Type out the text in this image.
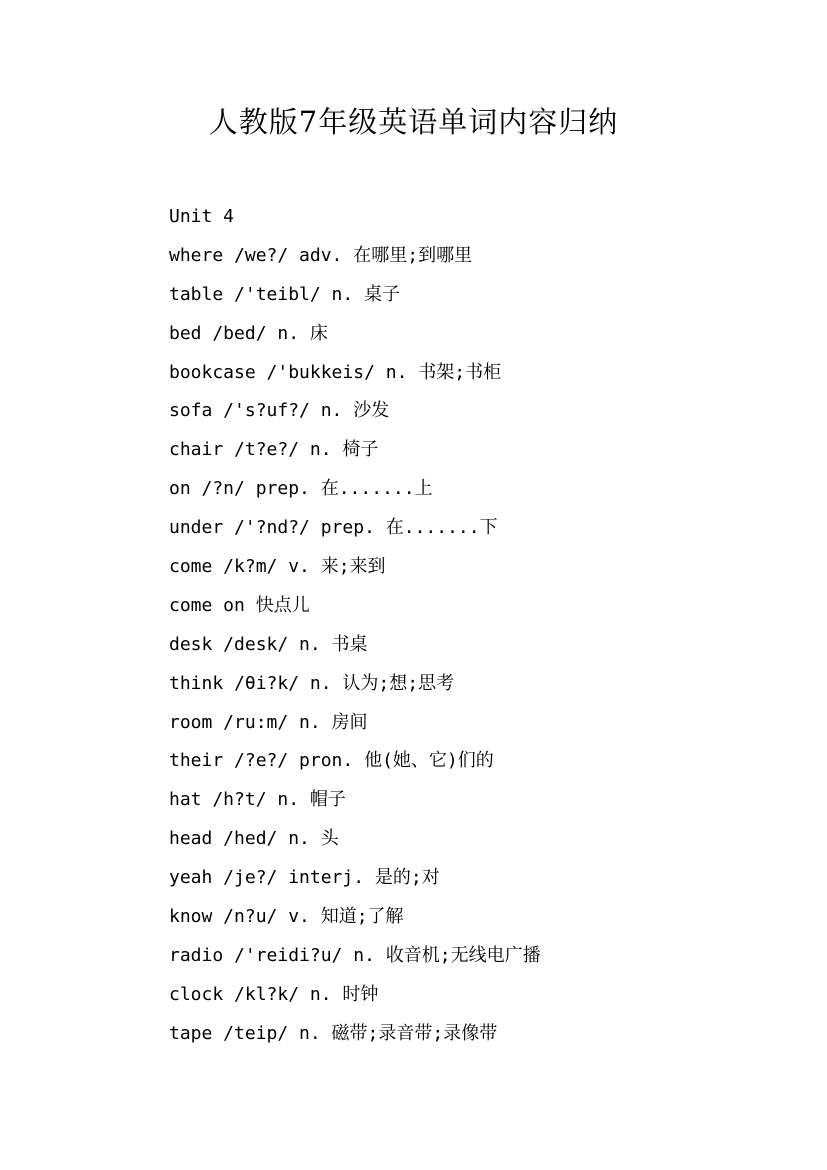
人教版7年级英语单词内容归纳
Unit 4
where /we?/ adv. 在哪里;到哪里
table /'teibl/ n. 桌子
bed /bed/ n. 床
bookcase /'bukkeis/ n. 书架;书柜
sofa /'s?uf?/ n. 沙发
chair /t?e?/ n. 椅子
on /?n/ prep. 在.......上
under /'?nd?/ prep. 在.......下
come /k?m/ v. 来;来到
come on 快点儿
desk /desk/ n. 书桌
think /θi?k/ n. 认为;想;思考
room /ru:m/ n. 房间
their /?e?/ pron. 他(她、它)们的
hat /h?t/ n. 帽子
head /hed/ n. 头
yeah /je?/ interj. 是的;对
know /n?u/ v. 知道;了解
radio /'reidi?u/ n. 收音机;无线电广播
clock /kl?k/ n. 时钟
tape /teip/ n. 磁带;录音带;录像带
